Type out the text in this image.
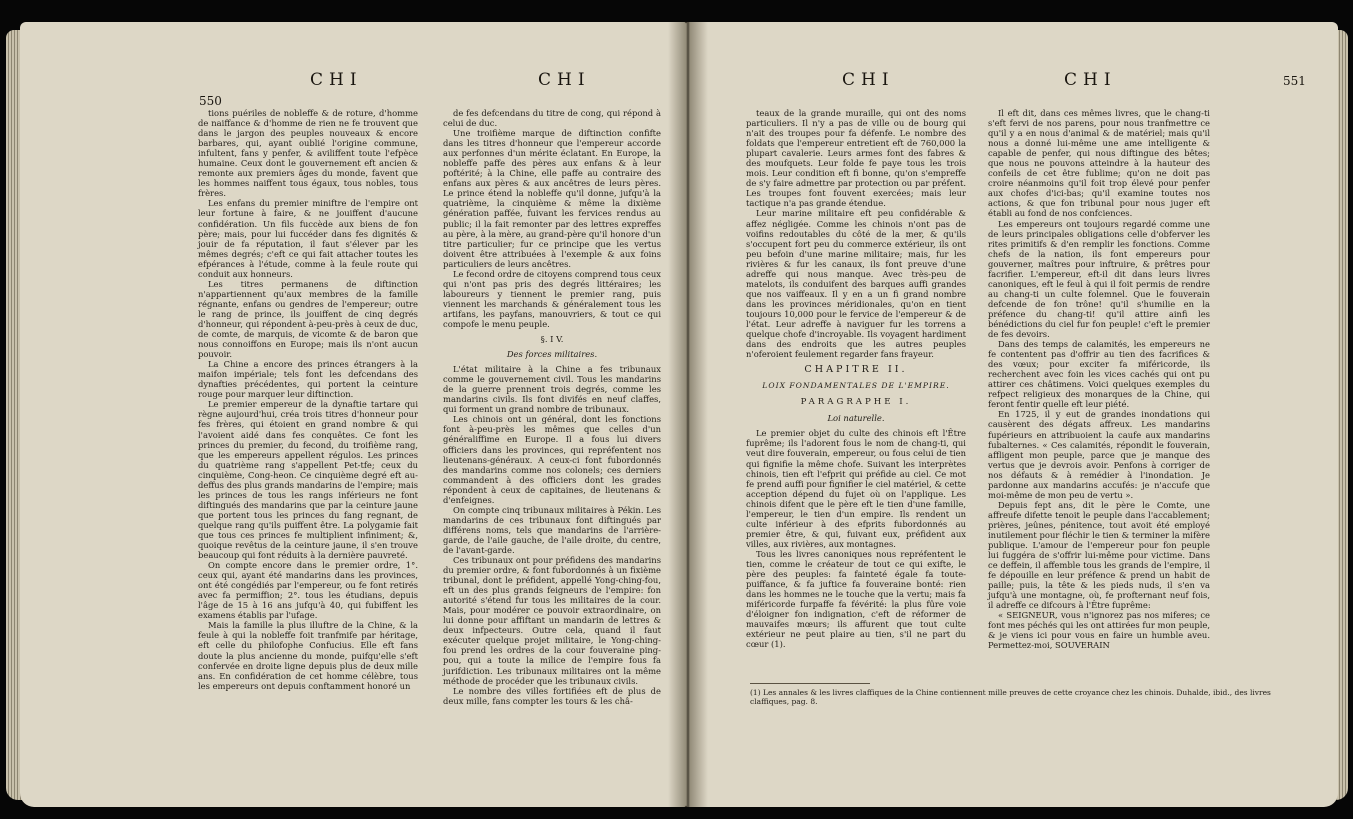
550
CHI	CHI

tions puériles de nobleffe & de roture, d'homme de naiffance & d'homme de rien ne fe trouvent que dans le jargon des peuples nouveaux & encore barbares, qui, ayant oublié l'origine commune, infultent, fans y penfer, & aviliffent toute l'efpèce humaine. Ceux dont le gouvernement eft ancien & remonte aux premiers âges du monde, favent que les hommes naiffent tous égaux, tous nobles, tous frères.

Les enfans du premier miniftre de l'empire ont leur fortune à faire, & ne jouiffent d'aucune confidération. Un fils fuccède aux biens de fon père; mais, pour lui fuccéder dans fes dignités & jouir de fa réputation, il faut s'élever par les mêmes degrés; c'eft ce qui fait attacher toutes les efpérances à l'étude, comme à la feule route qui conduit aux honneurs.

Les titres permanens de diftinction n'appartiennent qu'aux membres de la famille régnante, enfans ou gendres de l'empereur; outre le rang de prince, ils jouiffent de cinq degrés d'honneur, qui répondent à-peu-près à ceux de duc, de comte, de marquis, de vicomte & de baron que nous connoiffons en Europe; mais ils n'ont aucun pouvoir.

La Chine a encore des princes étrangers à la maifon impériale; tels font les defcendans des dynafties précédentes, qui portent la ceinture rouge pour marquer leur diftinction.

Le premier empereur de la dynaftie tartare qui règne aujourd'hui, créa trois titres d'honneur pour fes frères, qui étoient en grand nombre & qui l'avoient aidé dans fes conquêtes. Ce font les princes du premier, du fecond, du troifième rang, que les empereurs appellent régulos. Les princes du quatrième rang s'appellent Pet-tfe; ceux du cinquième, Cong-heon. Ce cinquième degré eft au-deffus des plus grands mandarins de l'empire; mais les princes de tous les rangs inférieurs ne font diftingués des mandarins que par la ceinture jaune que portent tous les princes du fang regnant, de quelque rang qu'ils puiffent être. La polygamie fait que tous ces princes fe multiplient infiniment; &, quoique revêtus de la ceinture jaune, il s'en trouve beaucoup qui font réduits à la dernière pauvreté.

On compte encore dans le premier ordre, 1°. ceux qui, ayant été mandarins dans les provinces, ont été congédiés par l'empereur, ou fe font retirés avec fa permiffion; 2°. tous les étudians, depuis l'âge de 15 à 16 ans jufqu'à 40, qui fubiffent les examens établis par l'ufage.

Mais la famille la plus illuftre de la Chine, & la feule à qui la nobleffe foit tranfmife par héritage, eft celle du philofophe Confucius. Elle eft fans doute la plus ancienne du monde, puifqu'elle s'eft confervée en droite ligne depuis plus de deux mille ans. En confidération de cet homme célèbre, tous les empereurs ont depuis conftamment honoré un

de fes defcendans du titre de cong, qui répond à celui de duc.

Une troifième marque de diftinction confifte dans les titres d'honneur que l'empereur accorde aux perfonnes d'un mérite éclatant. En Europe, la nobleffe paffe des pères aux enfans & à leur poftérité; à la Chine, elle paffe au contraire des enfans aux pères & aux ancêtres de leurs pères. Le prince étend la nobleffe qu'il donne, jufqu'à la quatrième, la cinquième & même la dixième génération paffée, fuivant les fervices rendus au public; il la fait remonter par des lettres expreffes au père, à la mère, au grand-père qu'il honore d'un titre particulier; fur ce principe que les vertus doivent être attribuées à l'exemple & aux foins particuliers de leurs ancêtres.

Le fecond ordre de citoyens comprend tous ceux qui n'ont pas pris des degrés littéraires; les laboureurs y tiennent le premier rang, puis viennent les marchands & généralement tous les artifans, les payfans, manouvriers, & tout ce qui compofe le menu peuple.

§. I V.

Des forces militaires.

L'état militaire à la Chine a fes tribunaux comme le gouvernement civil. Tous les mandarins de la guerre prennent trois degrés, comme les mandarins civils. Ils font divifés en neuf claffes, qui forment un grand nombre de tribunaux.

Les chinois ont un général, dont les fonctions font à-peu-près les mêmes que celles d'un généraliffime en Europe. Il a fous lui divers officiers dans les provinces, qui repréfentent nos lieutenans-généraux. A ceux-ci font fubordonnés des mandarins comme nos colonels; ces derniers commandent à des officiers dont les grades répondent à ceux de capitaines, de lieutenans & d'enfeignes.

On compte cinq tribunaux militaires à Pékin. Les mandarins de ces tribunaux font diftingués par différens noms, tels que mandarins de l'arrière-garde, de l'aile gauche, de l'aile droite, du centre, de l'avant-garde.

Ces tribunaux ont pour préfidens des mandarins du premier ordre, & font fubordonnés à un fixième tribunal, dont le préfident, appellé Yong-ching-fou, eft un des plus grands feigneurs de l'empire: fon autorité s'étend fur tous les militaires de la cour. Mais, pour modérer ce pouvoir extraordinaire, on lui donne pour affiftant un mandarin de lettres & deux infpecteurs. Outre cela, quand il faut exécuter quelque projet militaire, le Yong-ching-fou prend les ordres de la cour fouveraine ping-pou, qui a toute la milice de l'empire fous fa jurifdiction. Les tribunaux militaires ont la même méthode de procéder que les tribunaux civils.

Le nombre des villes fortifiées eft de plus de deux mille, fans compter les tours & les châ-

CHI	CHI	551

teaux de la grande muraille, qui ont des noms particuliers. Il n'y a pas de ville ou de bourg qui n'ait des troupes pour fa défenfe. Le nombre des foldats que l'empereur entretient eft de 760,000 la plupart cavalerie. Leurs armes font des fabres & des moufquets. Leur folde fe paye tous les trois mois. Leur condition eft fi bonne, qu'on s'empreffe de s'y faire admettre par protection ou par préfent. Les troupes font fouvent exercées; mais leur tactique n'a pas grande étendue.

Leur marine militaire eft peu confidérable & affez négligée. Comme les chinois n'ont pas de voifins redoutables du côté de la mer, & qu'ils s'occupent fort peu du commerce extérieur, ils ont peu befoin d'une marine militaire; mais, fur les rivières & fur les canaux, ils font preuve d'une adreffe qui nous manque. Avec très-peu de matelots, ils conduifent des barques auffi grandes que nos vaiffeaux. Il y en a un fi grand nombre dans les provinces méridionales, qu'on en tient toujours 10,000 pour le fervice de l'empereur & de l'état. Leur adreffe à naviguer fur les torrens a quelque chofe d'incroyable. Ils voyagent hardiment dans des endroits que les autres peuples n'oferoient feulement regarder fans frayeur.

CHAPITRE II.

LOIX FONDAMENTALES DE L'EMPIRE.

PARAGRAPHE I.

Loi naturelle.

Le premier objet du culte des chinois eft l'Être fuprême; ils l'adorent fous le nom de chang-ti, qui veut dire fouverain, empereur, ou fous celui de tien qui fignifie la même chofe. Suivant les interprètes chinois, tien eft l'efprit qui préfide au ciel. Ce mot fe prend auffi pour fignifier le ciel matériel, & cette acception dépend du fujet où on l'applique. Les chinois difent que le père eft le tien d'une famille, l'empereur, le tien d'un empire. Ils rendent un culte inférieur à des efprits fubordonnés au premier être, & qui, fuivant eux, préfident aux villes, aux rivières, aux montagnes.

Tous les livres canoniques nous repréfentent le tien, comme le créateur de tout ce qui exifte, le père des peuples: fa fainteté égale fa toute-puiffance, & fa juftice fa fouveraine bonté: rien dans les hommes ne le touche que la vertu; mais fa miféricorde furpaffe fa févérité: la plus fûre voie d'éloigner fon indignation, c'eft de réformer de mauvaifes mœurs; ils affurent que tout culte extérieur ne peut plaire au tien, s'il ne part du cœur (1).

Il eft dit, dans ces mêmes livres, que le chang-ti s'eft fervi de nos parens, pour nous tranfmettre ce qu'il y a en nous d'animal & de matériel; mais qu'il nous a donné lui-même une ame intelligente & capable de penfer, qui nous diftingue des bêtes; que nous ne pouvons atteindre à la hauteur des confeils de cet être fublime; qu'on ne doit pas croire néanmoins qu'il foit trop élevé pour penfer aux chofes d'ici-bas; qu'il examine toutes nos actions, & que fon tribunal pour nous juger eft établi au fond de nos confciences.

Les empereurs ont toujours regardé comme une de leurs principales obligations celle d'obferver les rites primitifs & d'en remplir les fonctions. Comme chefs de la nation, ils font empereurs pour gouverner, maîtres pour inftruire, & prêtres pour facrifier. L'empereur, eft-il dit dans leurs livres canoniques, eft le feul à qui il foit permis de rendre au chang-ti un culte folemnel. Que le fouverain defcende de fon trône! qu'il s'humilie en la préfence du chang-ti! qu'il attire ainfi les bénédictions du ciel fur fon peuple! c'eft le premier de fes devoirs.

Dans des temps de calamités, les empereurs ne fe contentent pas d'offrir au tien des facrifices & des vœux; pour exciter fa miféricorde, ils recherchent avec foin les vices cachés qui ont pu attirer ces châtimens. Voici quelques exemples du refpect religieux des monarques de la Chine, qui feront fentir quelle eft leur piété.

En 1725, il y eut de grandes inondations qui causèrent des dégats affreux. Les mandarins fupérieurs en attribuoient la caufe aux mandarins fubalternes. « Ces calamités, répondit le fouverain, affligent mon peuple, parce que je manque des vertus que je devrois avoir. Penfons à corriger de nos défauts & à remédier à l'inondation. Je pardonne aux mandarins accufés: je n'accufe que moi-même de mon peu de vertu ».

Depuis fept ans, dit le père le Comte, une affreufe difette tenoit le peuple dans l'accablement; prières, jeûnes, pénitence, tout avoit été employé inutilement pour fléchir le tien & terminer la mifère publique. L'amour de l'empereur pour fon peuple lui fuggéra de s'offrir lui-même pour victime. Dans ce deffein, il affemble tous les grands de l'empire, il fe dépouille en leur préfence & prend un habit de paille; puis, la tête & les pieds nuds, il s'en va jufqu'à une montagne, où, fe profternant neuf fois, il adreffe ce difcours à l'Être fuprême:

« SEIGNEUR, vous n'ignorez pas nos miferes; ce font mes péchés qui les ont attirées fur mon peuple, & je viens ici pour vous en faire un humble aveu. Permettez-moi, SOUVERAIN

(1) Les annales & les livres claffiques de la Chine contiennent mille preuves de cette croyance chez les chinois. Duhalde, ibid., des livres claffiques, pag. 8.
